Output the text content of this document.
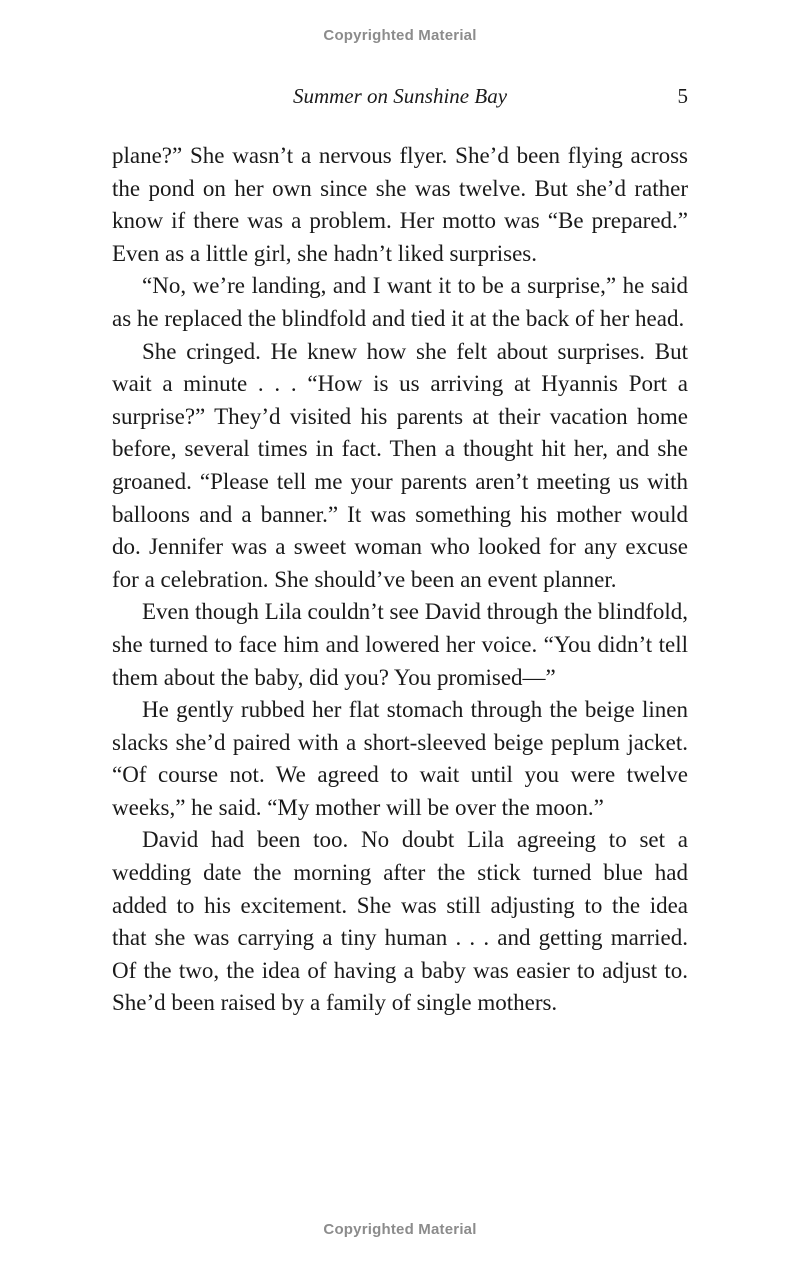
Copyrighted Material
Summer on Sunshine Bay	5

plane?” She wasn’t a nervous flyer. She’d been flying across the pond on her own since she was twelve. But she’d rather know if there was a problem. Her motto was “Be prepared.” Even as a little girl, she hadn’t liked surprises.

“No, we’re landing, and I want it to be a surprise,” he said as he replaced the blindfold and tied it at the back of her head.

She cringed. He knew how she felt about surprises. But wait a minute . . . “How is us arriving at Hyannis Port a surprise?” They’d visited his parents at their vacation home before, several times in fact. Then a thought hit her, and she groaned. “Please tell me your parents aren’t meeting us with balloons and a banner.” It was something his mother would do. Jennifer was a sweet woman who looked for any excuse for a celebration. She should’ve been an event planner.

Even though Lila couldn’t see David through the blindfold, she turned to face him and lowered her voice. “You didn’t tell them about the baby, did you? You promised—”

He gently rubbed her flat stomach through the beige linen slacks she’d paired with a short-sleeved beige peplum jacket. “Of course not. We agreed to wait until you were twelve weeks,” he said. “My mother will be over the moon.”

David had been too. No doubt Lila agreeing to set a wedding date the morning after the stick turned blue had added to his excitement. She was still adjusting to the idea that she was carrying a tiny human . . . and getting married. Of the two, the idea of having a baby was easier to adjust to. She’d been raised by a family of single mothers.

Copyrighted Material
